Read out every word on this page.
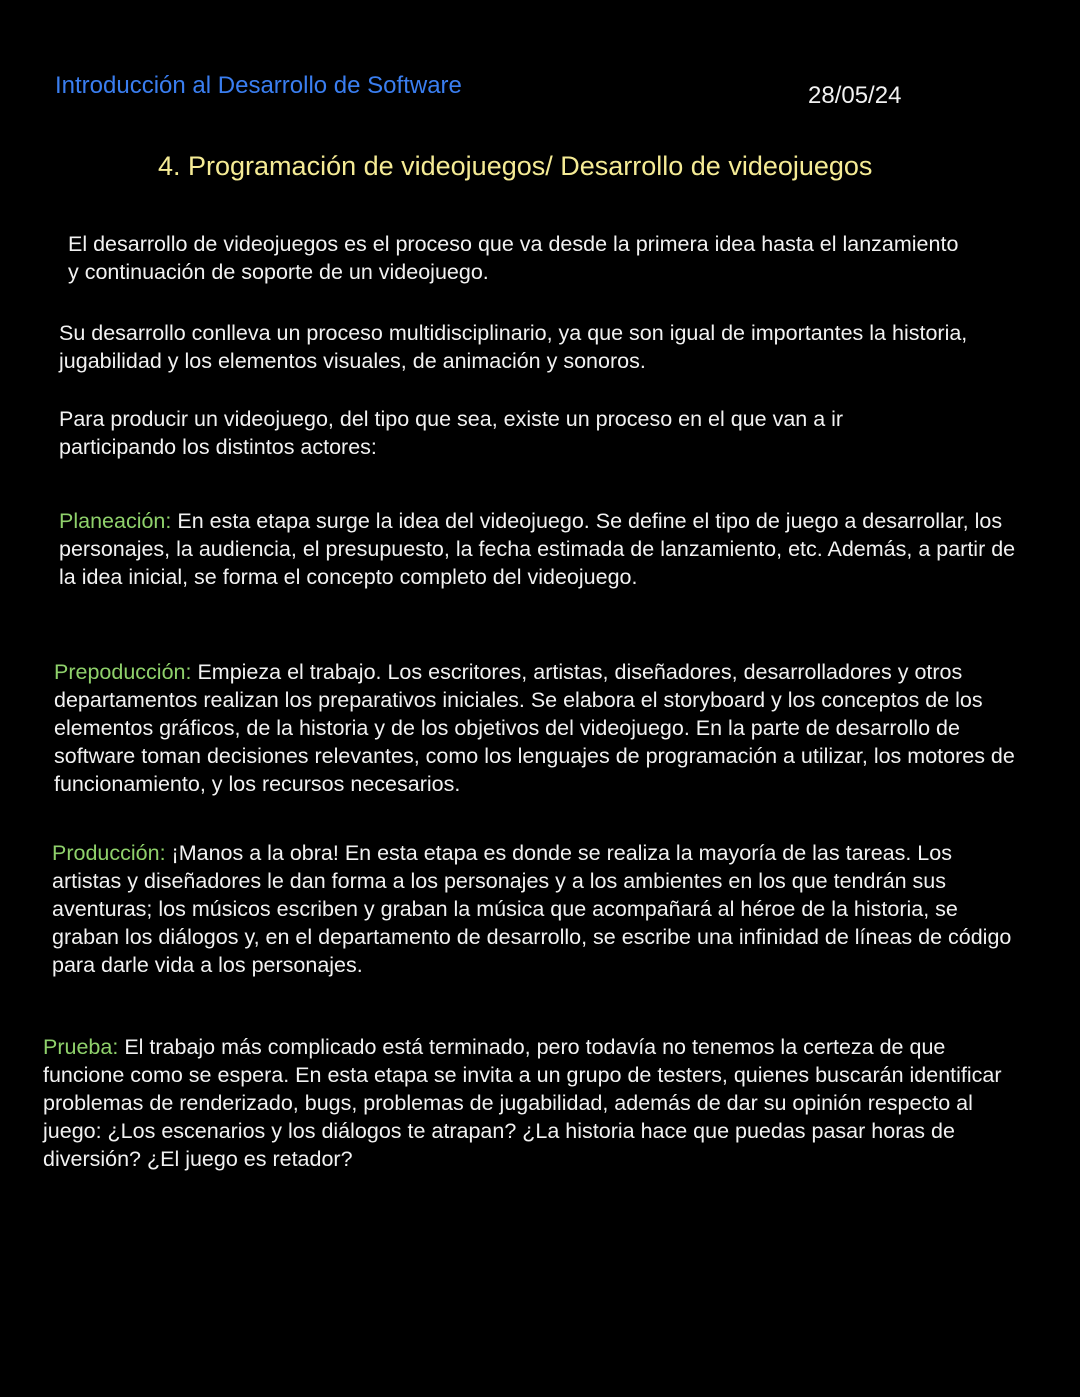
Introducción al Desarrollo de Software	28/05/24
4. Programación de videojuegos/ Desarrollo de videojuegos

El desarrollo de videojuegos es el proceso que va desde la primera idea hasta el lanzamiento y continuación de soporte de un videojuego.

Su desarrollo conlleva un proceso multidisciplinario, ya que son igual de importantes la historia, jugabilidad y los elementos visuales, de animación y sonoros.

Para producir un videojuego, del tipo que sea, existe un proceso en el que van a ir participando los distintos actores:

Planeación: En esta etapa surge la idea del videojuego. Se define el tipo de juego a desarrollar, los personajes, la audiencia, el presupuesto, la fecha estimada de lanzamiento, etc. Además, a partir de la idea inicial, se forma el concepto completo del videojuego.

Prepoducción: Empieza el trabajo. Los escritores, artistas, diseñadores, desarrolladores y otros departamentos realizan los preparativos iniciales. Se elabora el storyboard y los conceptos de los elementos gráficos, de la historia y de los objetivos del videojuego. En la parte de desarrollo de software toman decisiones relevantes, como los lenguajes de programación a utilizar, los motores de funcionamiento, y los recursos necesarios.

Producción: ¡Manos a la obra! En esta etapa es donde se realiza la mayoría de las tareas. Los artistas y diseñadores le dan forma a los personajes y a los ambientes en los que tendrán sus aventuras; los músicos escriben y graban la música que acompañará al héroe de la historia, se graban los diálogos y, en el departamento de desarrollo, se escribe una infinidad de líneas de código para darle vida a los personajes.

Prueba: El trabajo más complicado está terminado, pero todavía no tenemos la certeza de que funcione como se espera. En esta etapa se invita a un grupo de testers, quienes buscarán identificar problemas de renderizado, bugs, problemas de jugabilidad, además de dar su opinión respecto al juego: ¿Los escenarios y los diálogos te atrapan? ¿La historia hace que puedas pasar horas de diversión? ¿El juego es retador?
